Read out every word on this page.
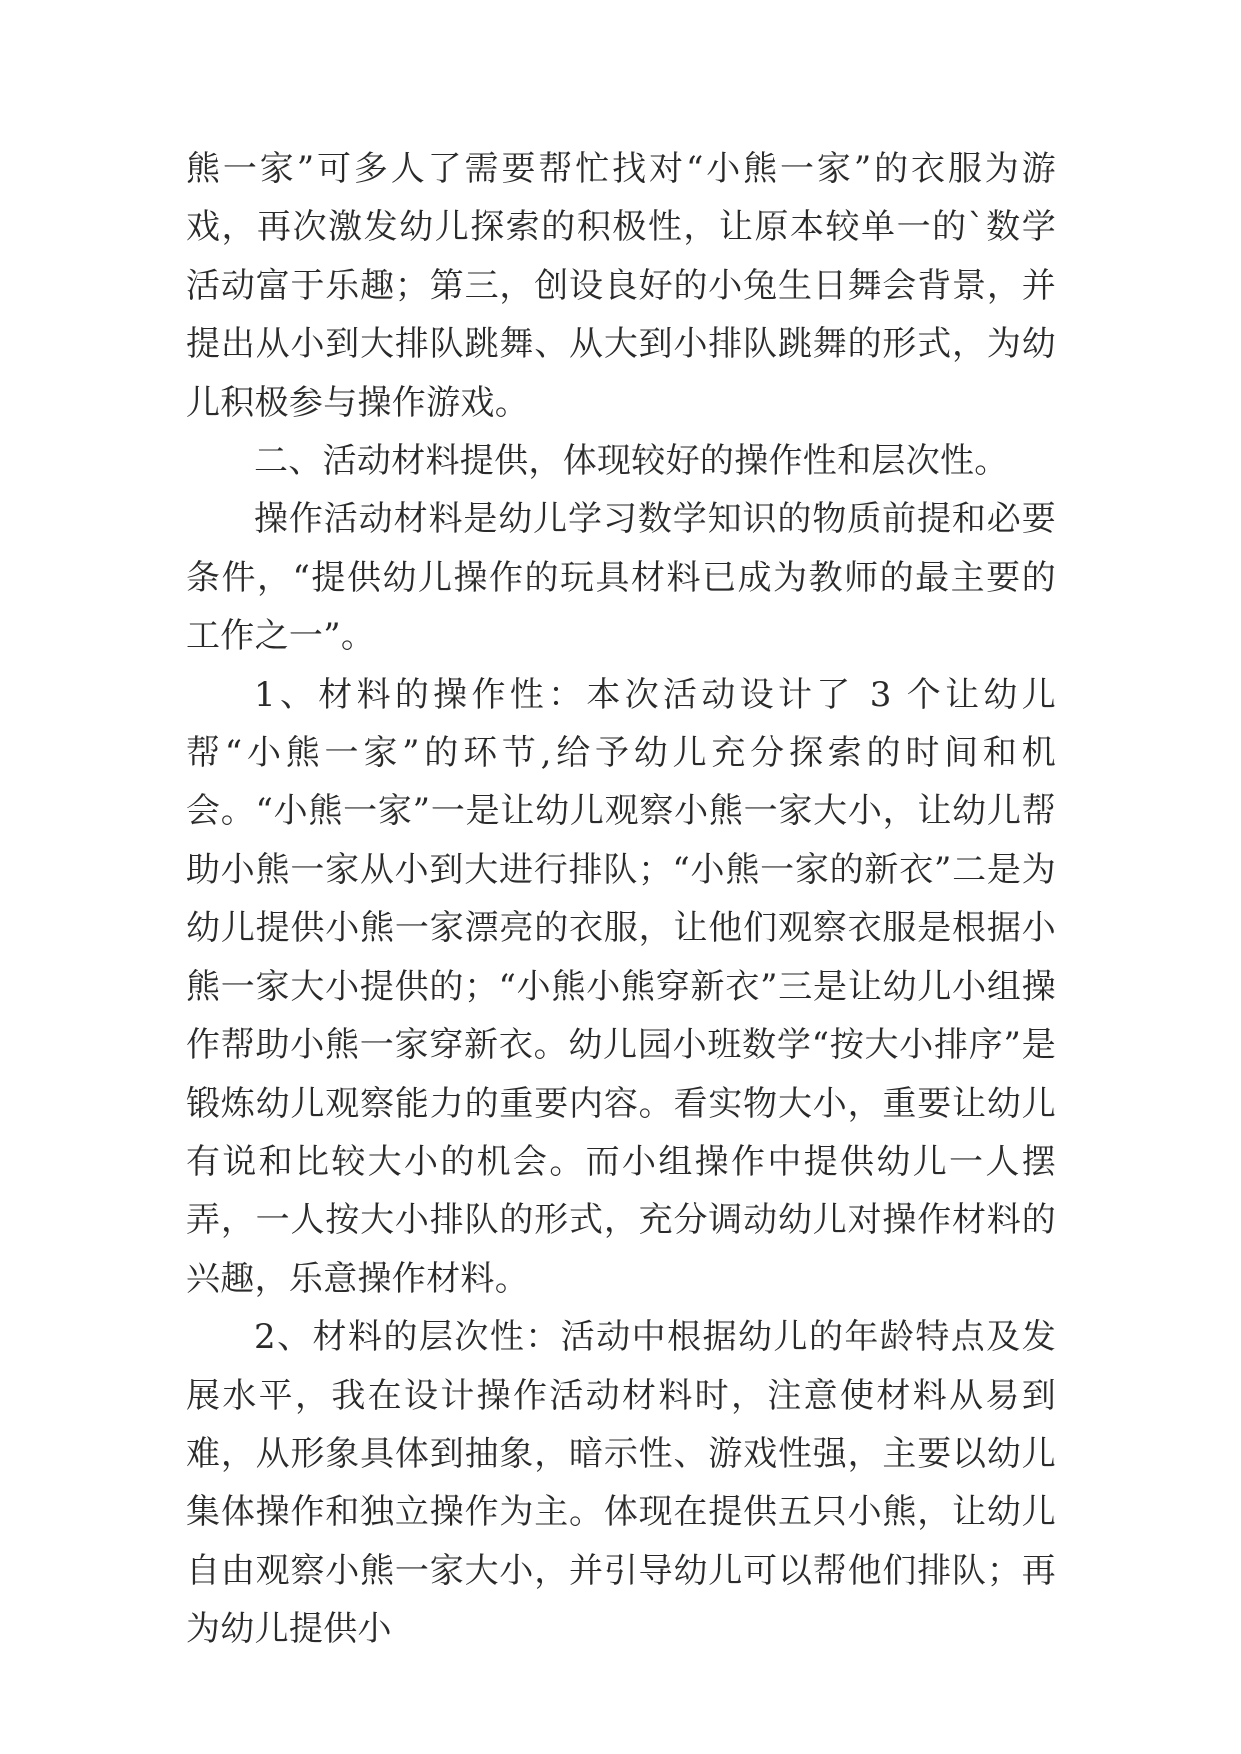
熊一家”可多人了需要帮忙找对“小熊一家”的衣服为游戏，再次激发幼儿探索的积极性，让原本较单一的`数学活动富于乐趣；第三，创设良好的小兔生日舞会背景，并提出从小到大排队跳舞、从大到小排队跳舞的形式，为幼儿积极参与操作游戏。

二、活动材料提供，体现较好的操作性和层次性。

操作活动材料是幼儿学习数学知识的物质前提和必要条件，“提供幼儿操作的玩具材料已成为教师的最主要的工作之一”。

1、材料的操作性：本次活动设计了 3 个让幼儿帮“小熊一家”的环节,给予幼儿充分探索的时间和机会。“小熊一家”一是让幼儿观察小熊一家大小，让幼儿帮助小熊一家从小到大进行排队；“小熊一家的新衣”二是为幼儿提供小熊一家漂亮的衣服，让他们观察衣服是根据小熊一家大小提供的；“小熊小熊穿新衣”三是让幼儿小组操作帮助小熊一家穿新衣。幼儿园小班数学“按大小排序”是锻炼幼儿观察能力的重要内容。看实物大小，重要让幼儿有说和比较大小的机会。而小组操作中提供幼儿一人摆弄，一人按大小排队的形式，充分调动幼儿对操作材料的兴趣，乐意操作材料。

2、材料的层次性：活动中根据幼儿的年龄特点及发展水平，我在设计操作活动材料时，注意使材料从易到难，从形象具体到抽象，暗示性、游戏性强，主要以幼儿集体操作和独立操作为主。体现在提供五只小熊，让幼儿自由观察小熊一家大小，并引导幼儿可以帮他们排队；再为幼儿提供小
